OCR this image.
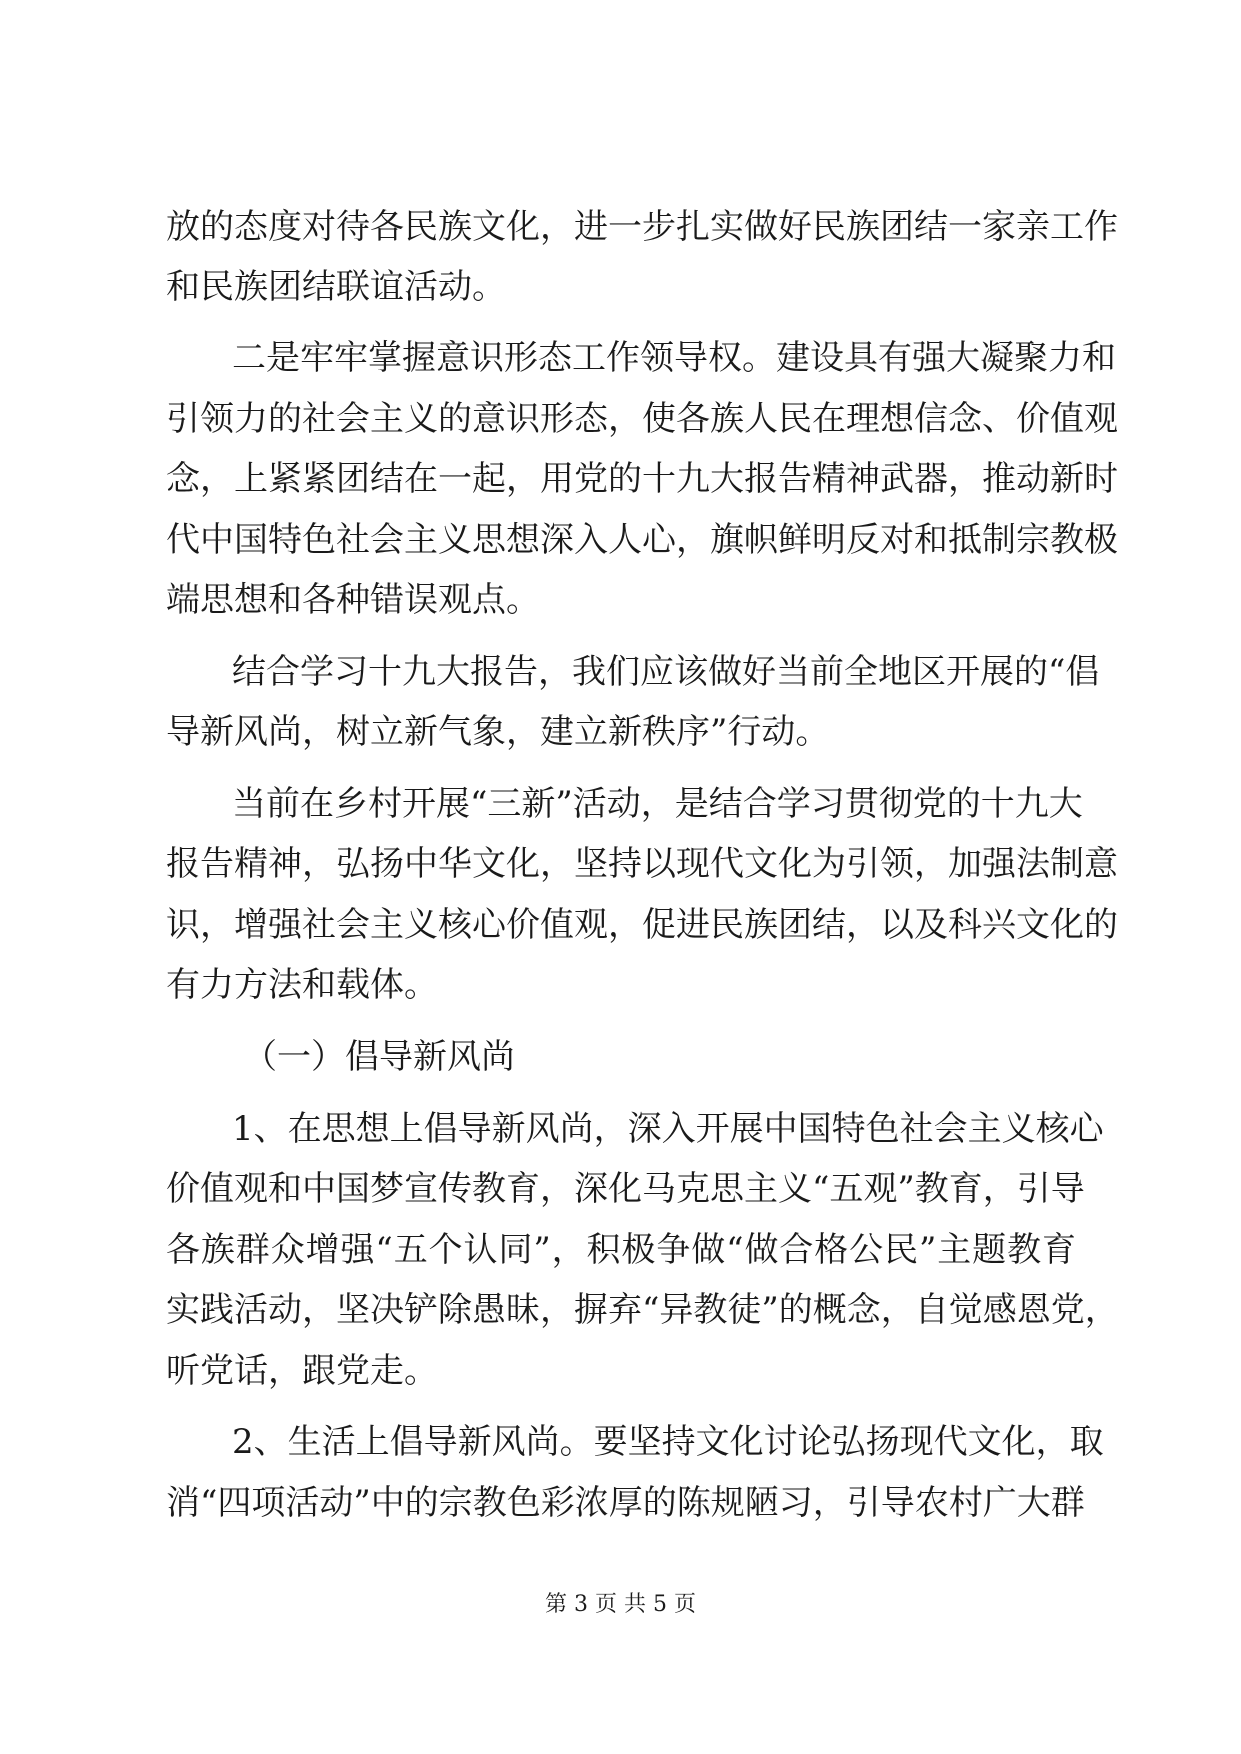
放的态度对待各民族文化，进一步扎实做好民族团结一家亲工作
和民族团结联谊活动。
二是牢牢掌握意识形态工作领导权。建设具有强大凝聚力和
引领力的社会主义的意识形态，使各族人民在理想信念、价值观
念，上紧紧团结在一起，用党的十九大报告精神武器，推动新时
代中国特色社会主义思想深入人心，旗帜鲜明反对和抵制宗教极
端思想和各种错误观点。
结合学习十九大报告，我们应该做好当前全地区开展的“倡
导新风尚，树立新气象，建立新秩序”行动。
当前在乡村开展“三新”活动，是结合学习贯彻党的十九大
报告精神，弘扬中华文化，坚持以现代文化为引领，加强法制意
识，增强社会主义核心价值观，促进民族团结，以及科兴文化的
有力方法和载体。
（一）倡导新风尚
1、在思想上倡导新风尚，深入开展中国特色社会主义核心
价值观和中国梦宣传教育，深化马克思主义“五观”教育，引导
各族群众增强“五个认同”，积极争做“做合格公民”主题教育
实践活动，坚决铲除愚昧，摒弃“异教徒”的概念，自觉感恩党，
听党话，跟党走。
2、生活上倡导新风尚。要坚持文化讨论弘扬现代文化，取
消“四项活动”中的宗教色彩浓厚的陈规陋习，引导农村广大群
第 3 页 共 5 页
